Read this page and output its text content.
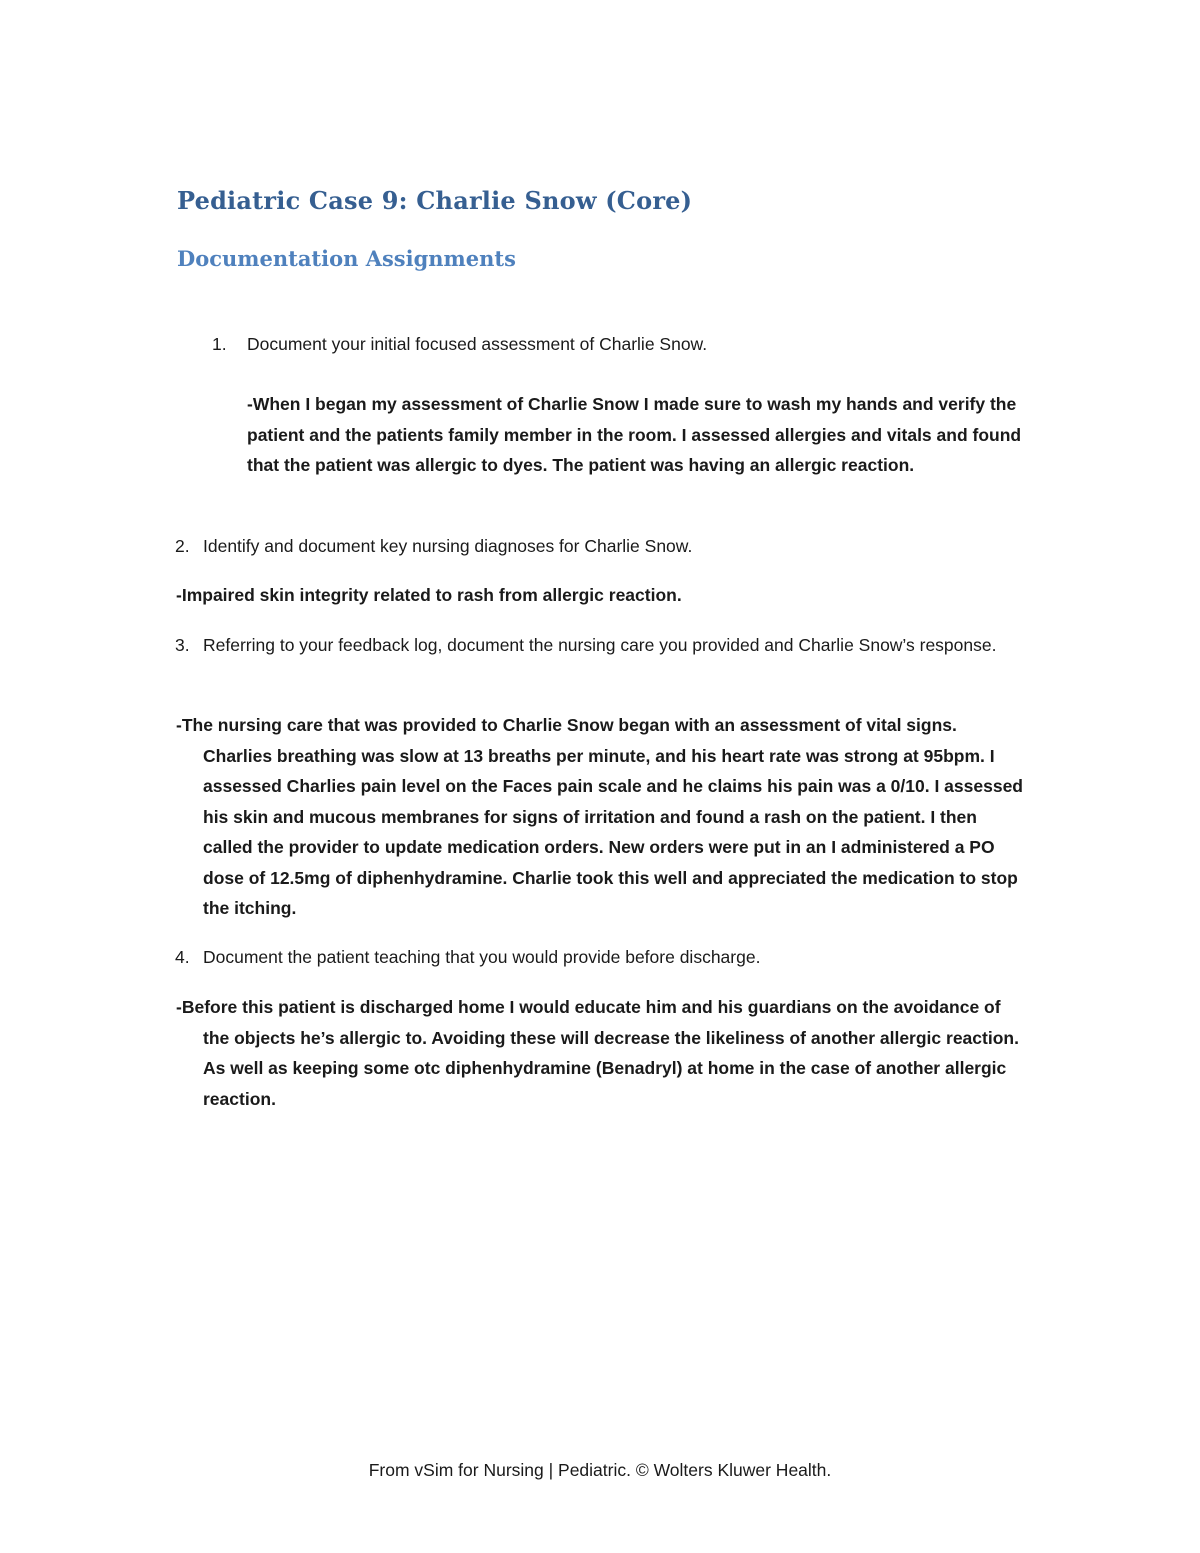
Pediatric Case 9: Charlie Snow (Core)
Documentation Assignments

1. Document your initial focused assessment of Charlie Snow.

-When I began my assessment of Charlie Snow I made sure to wash my hands and verify the patient and the patients family member in the room. I assessed allergies and vitals and found that the patient was allergic to dyes. The patient was having an allergic reaction.

2. Identify and document key nursing diagnoses for Charlie Snow.

-Impaired skin integrity related to rash from allergic reaction.

3. Referring to your feedback log, document the nursing care you provided and Charlie Snow’s response.

-The nursing care that was provided to Charlie Snow began with an assessment of vital signs. Charlies breathing was slow at 13 breaths per minute, and his heart rate was strong at 95bpm. I assessed Charlies pain level on the Faces pain scale and he claims his pain was a 0/10. I assessed his skin and mucous membranes for signs of irritation and found a rash on the patient. I then called the provider to update medication orders. New orders were put in an I administered a PO dose of 12.5mg of diphenhydramine. Charlie took this well and appreciated the medication to stop the itching.

4. Document the patient teaching that you would provide before discharge.

-Before this patient is discharged home I would educate him and his guardians on the avoidance of the objects he’s allergic to. Avoiding these will decrease the likeliness of another allergic reaction. As well as keeping some otc diphenhydramine (Benadryl) at home in the case of another allergic reaction.

From vSim for Nursing | Pediatric. © Wolters Kluwer Health.
